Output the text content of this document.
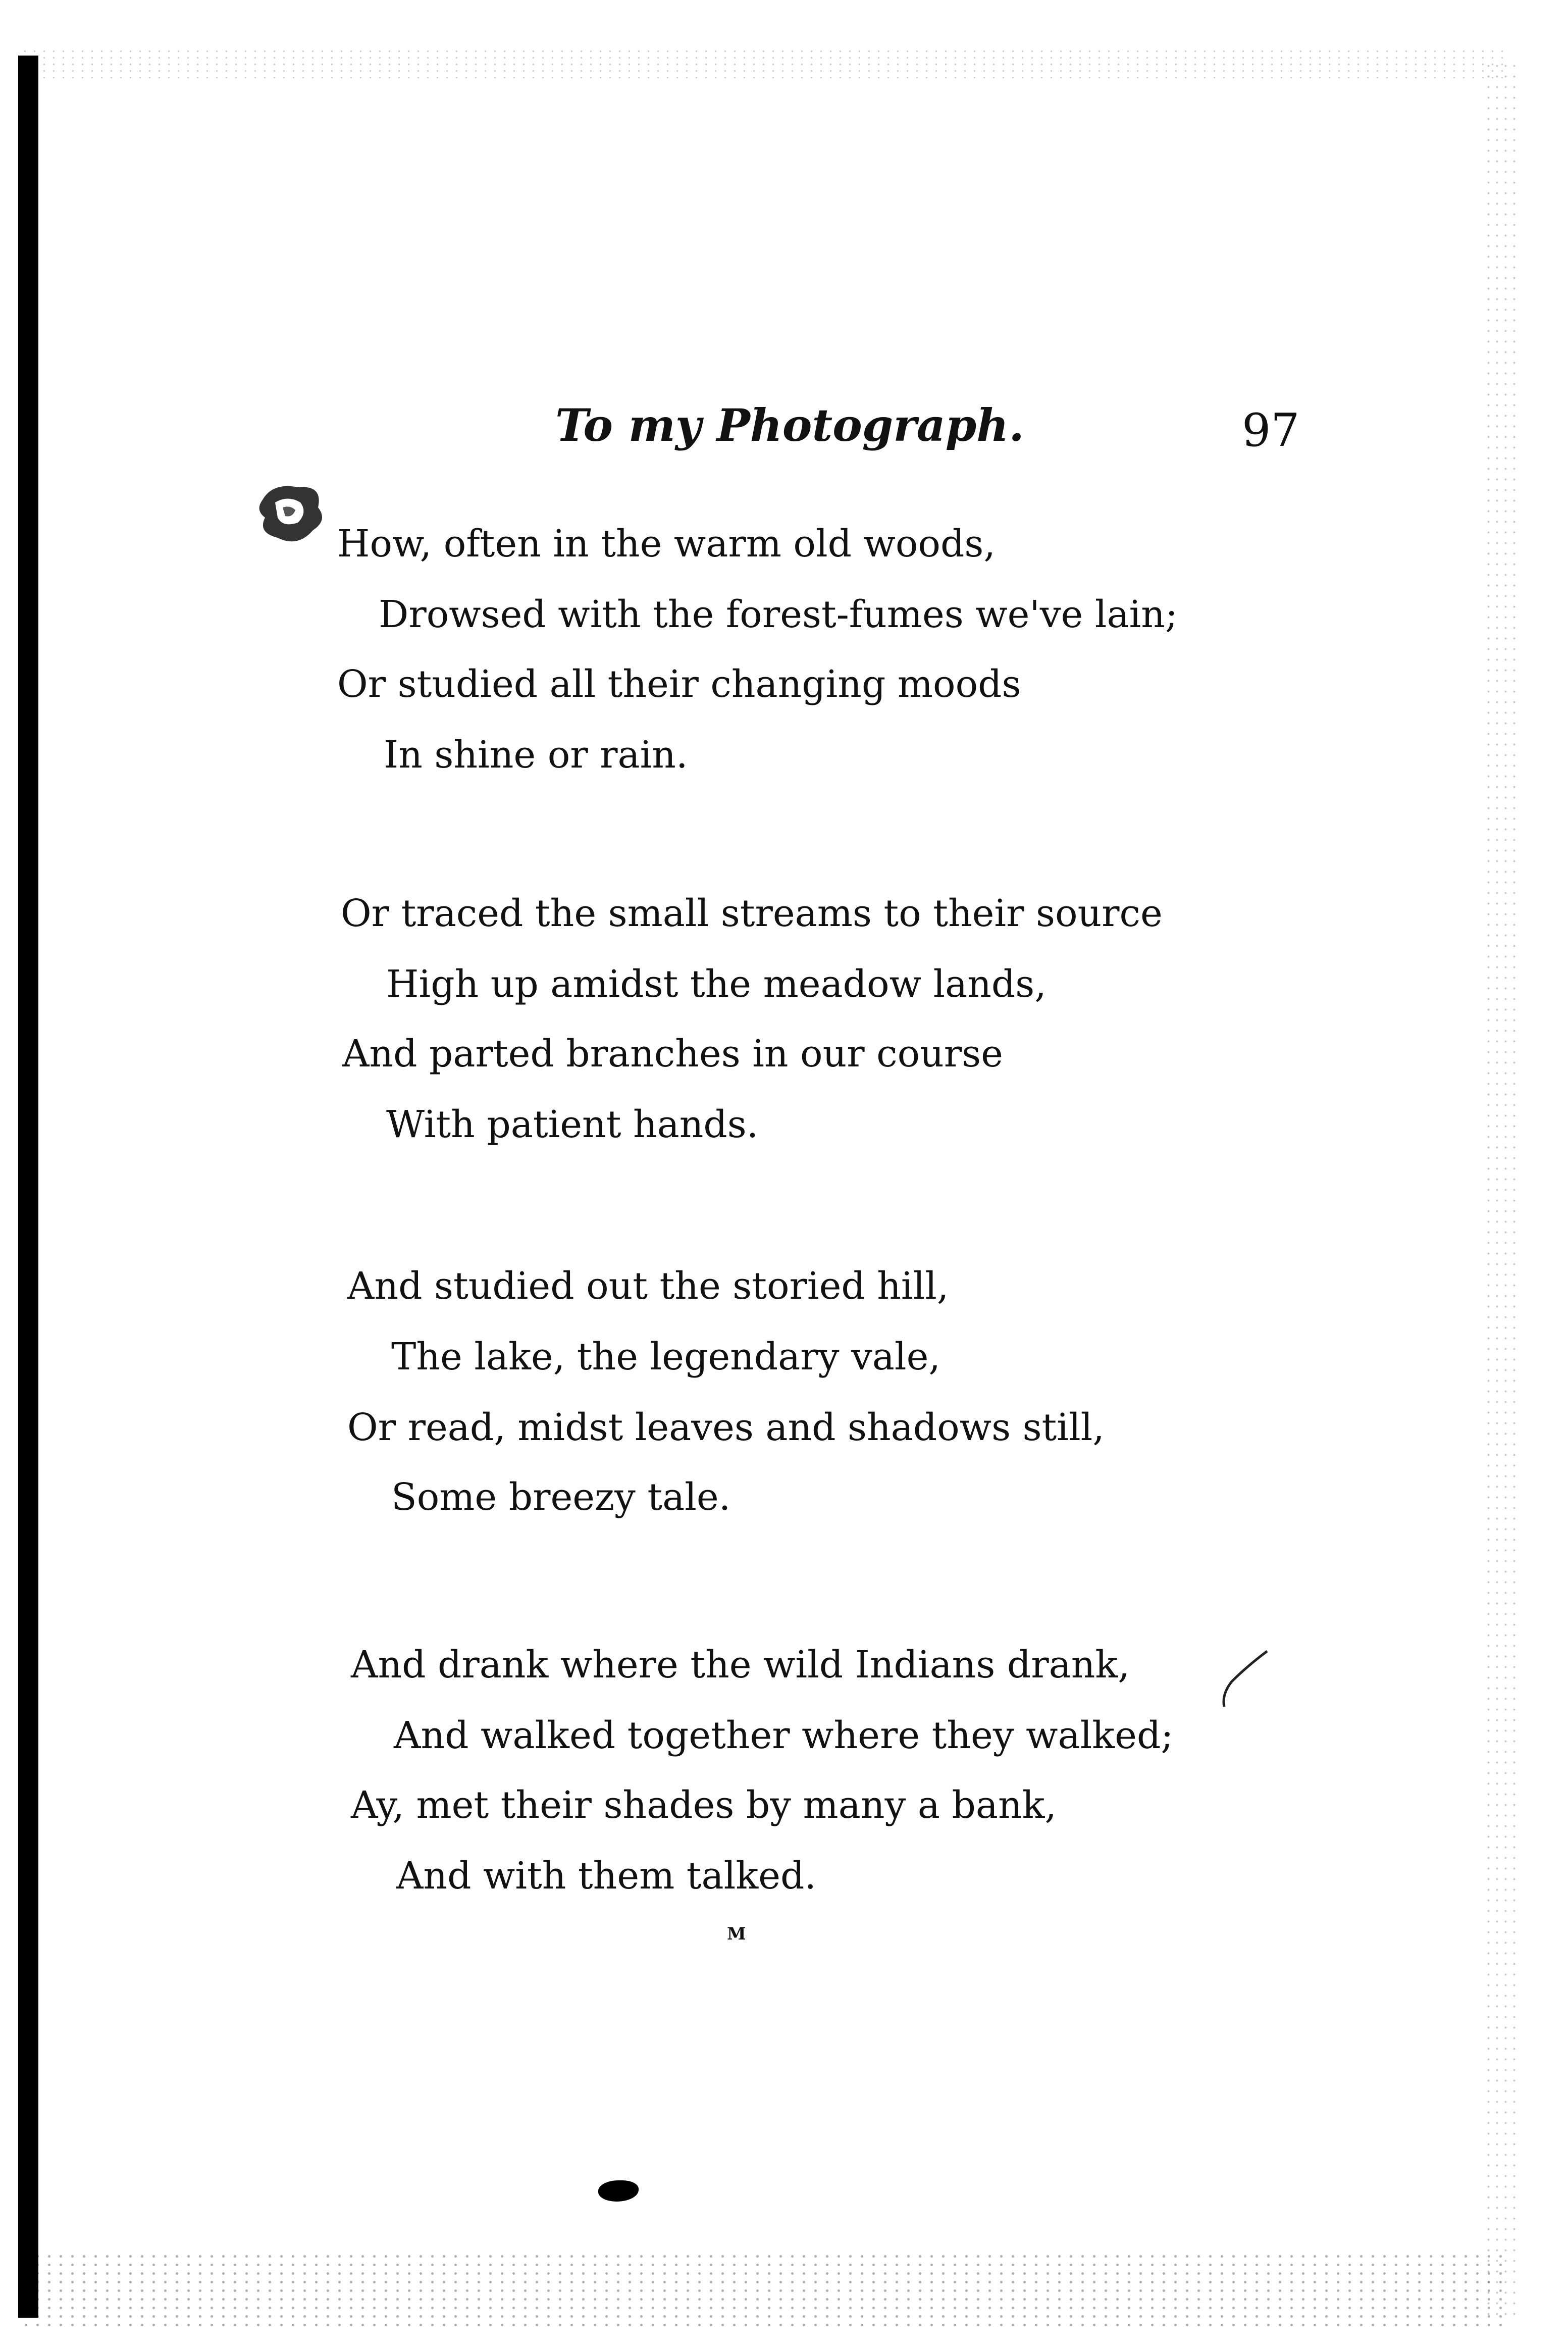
To my Photograph.	97
How, often in the warm old woods,
Drowsed with the forest-fumes we've lain;
Or studied all their changing moods
In shine or rain.
Or traced the small streams to their source
High up amidst the meadow lands,
And parted branches in our course
With patient hands.
And studied out the storied hill,
The lake, the legendary vale,
Or read, midst leaves and shadows still,
Some breezy tale.
And drank where the wild Indians drank,
And walked together where they walked;
Ay, met their shades by many a bank,
And with them talked.
M
